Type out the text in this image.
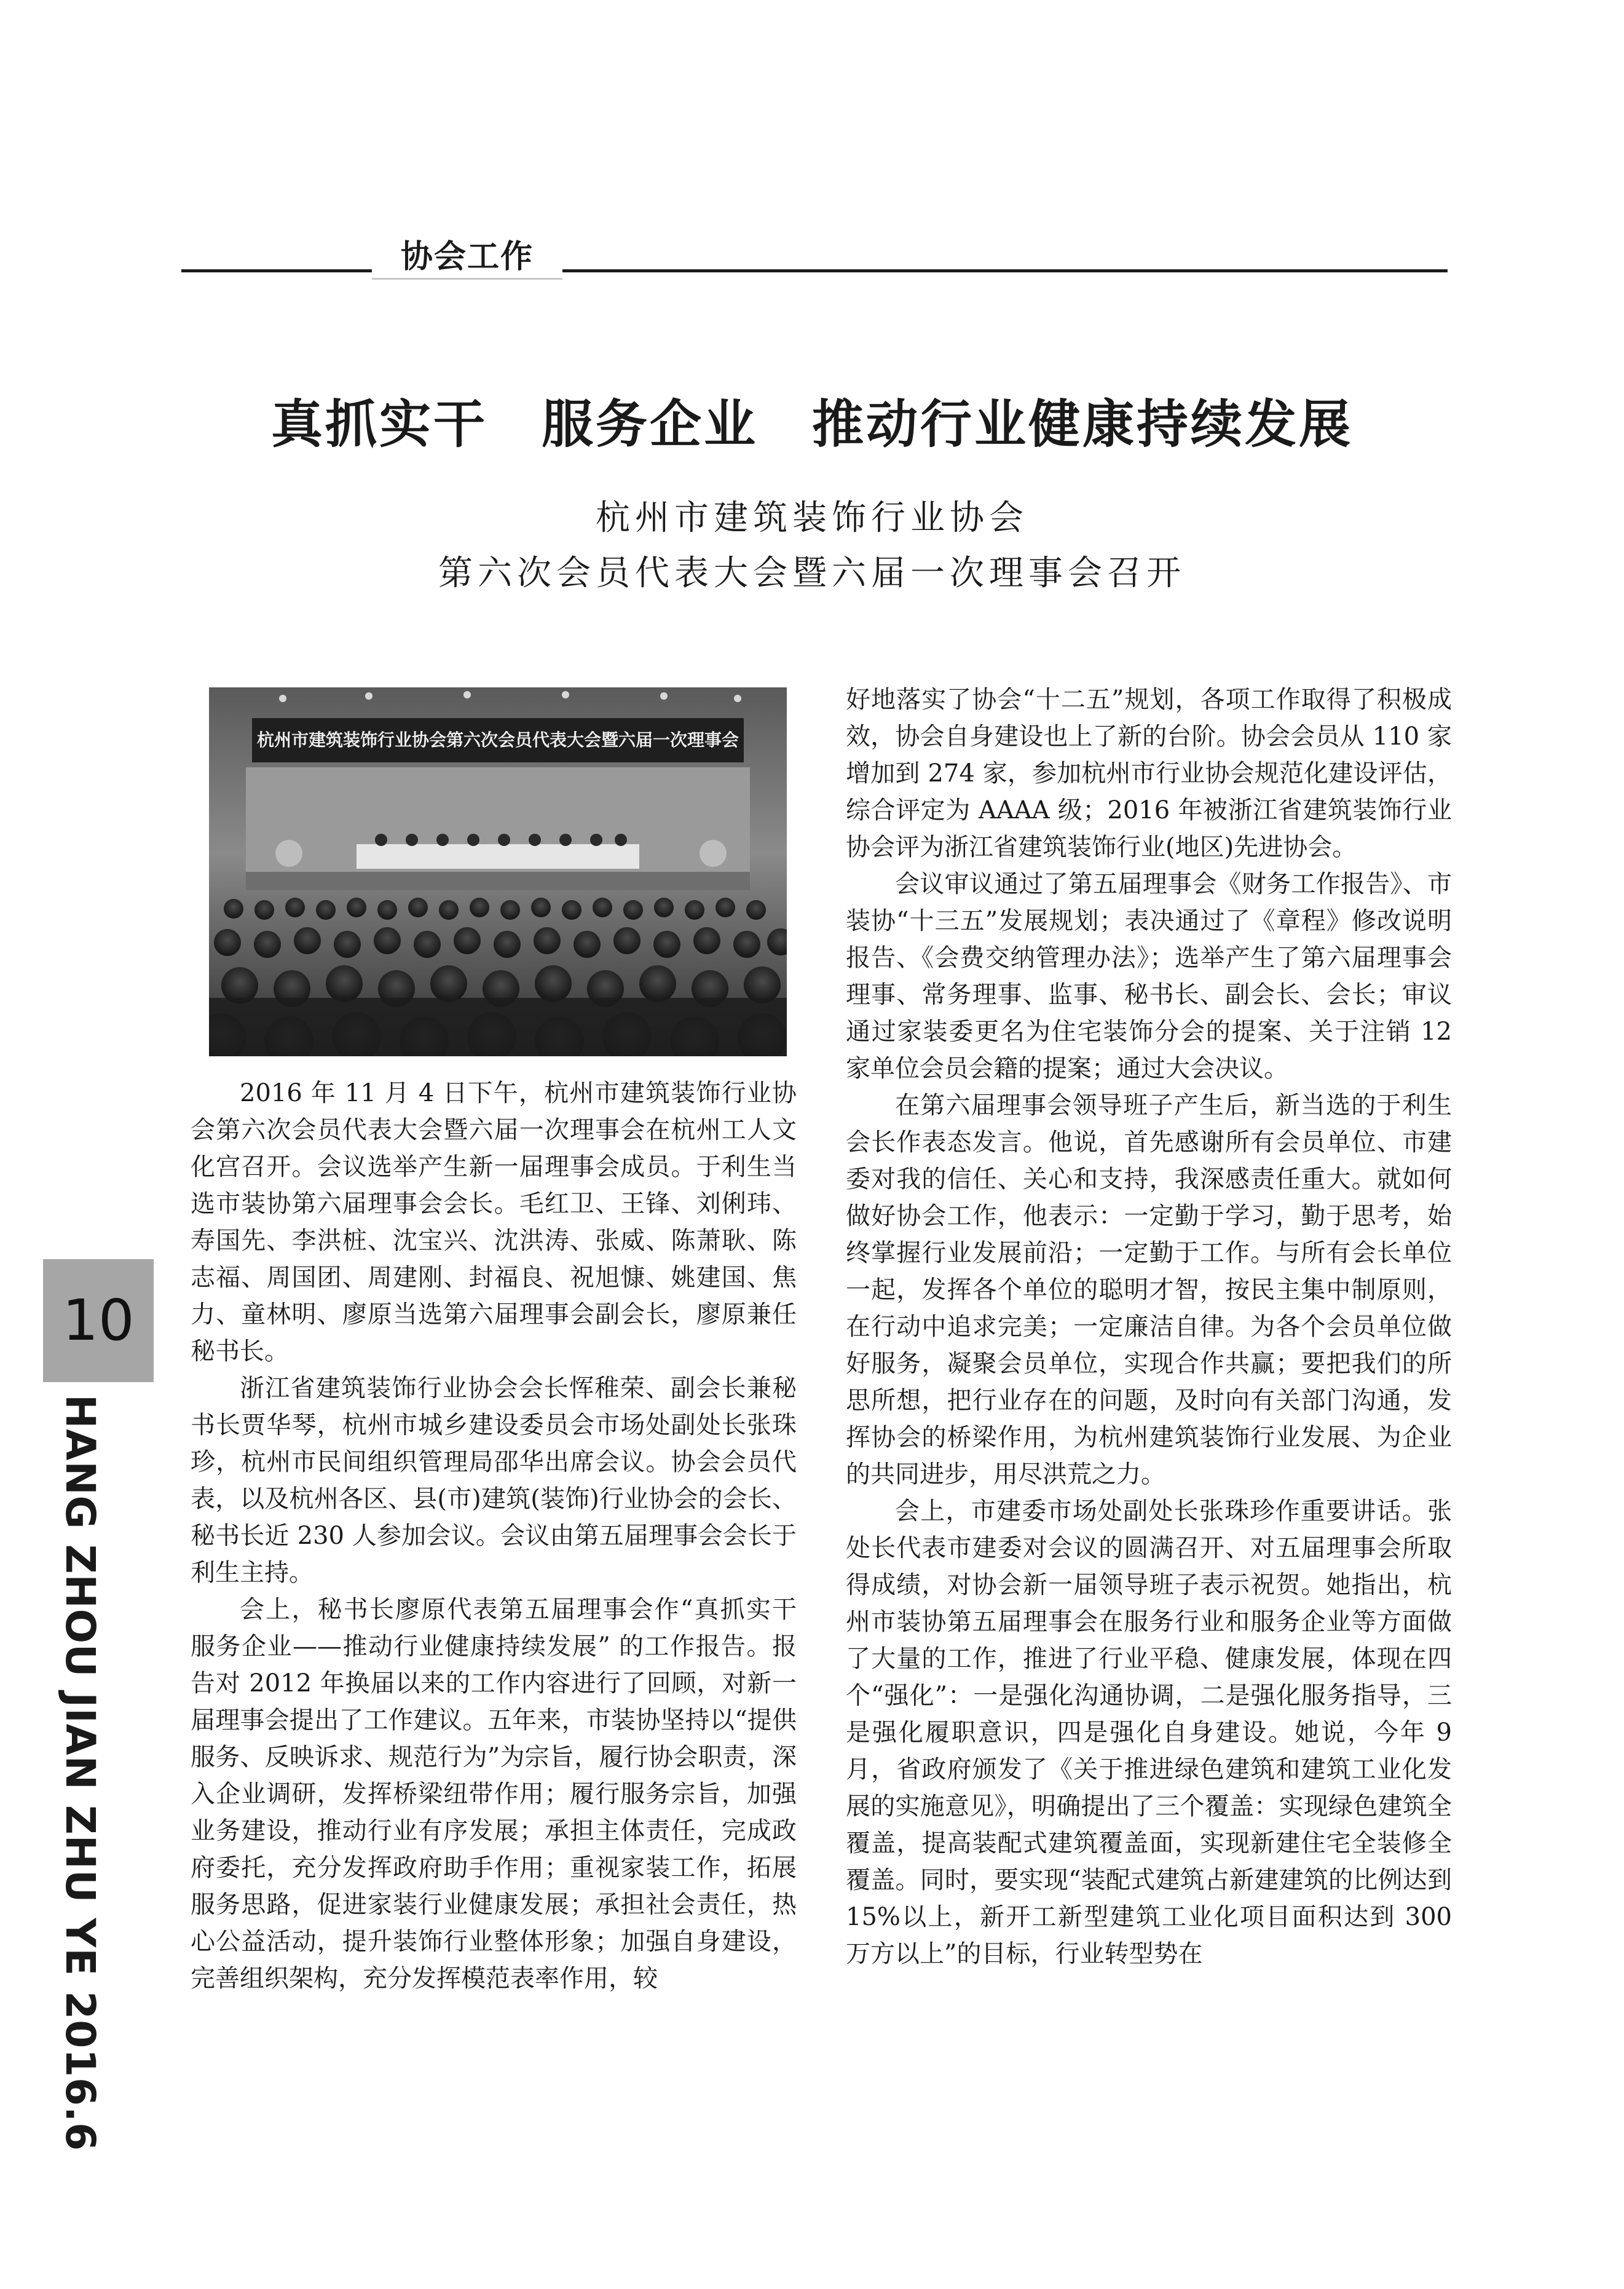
协会工作
真抓实干　服务企业　推动行业健康持续发展
杭州市建筑装饰行业协会
第六次会员代表大会暨六届一次理事会召开
杭州市建筑装饰行业协会第六次会员代表大会暨六届一次理事会

2016 年 11 月 4 日下午，杭州市建筑装饰行业协会第六次会员代表大会暨六届一次理事会在杭州工人文化宫召开。会议选举产生新一届理事会成员。于利生当选市装协第六届理事会会长。毛红卫、王锋、刘俐玮、寿国先、李洪桩、沈宝兴、沈洪涛、张威、陈萧耿、陈志福、周国团、周建刚、封福良、祝旭慷、姚建国、焦力、童林明、廖原当选第六届理事会副会长，廖原兼任秘书长。

浙江省建筑装饰行业协会会长恽稚荣、副会长兼秘书长贾华琴，杭州市城乡建设委员会市场处副处长张珠珍，杭州市民间组织管理局邵华出席会议。协会会员代表，以及杭州各区、县(市)建筑(装饰)行业协会的会长、秘书长近 230 人参加会议。会议由第五届理事会会长于利生主持。

会上，秘书长廖原代表第五届理事会作“真抓实干 服务企业——推动行业健康持续发展” 的工作报告。报告对 2012 年换届以来的工作内容进行了回顾，对新一届理事会提出了工作建议。五年来，市装协坚持以“提供服务、反映诉求、规范行为”为宗旨，履行协会职责，深入企业调研，发挥桥梁纽带作用；履行服务宗旨，加强业务建设，推动行业有序发展；承担主体责任，完成政府委托，充分发挥政府助手作用；重视家装工作，拓展服务思路，促进家装行业健康发展；承担社会责任，热心公益活动，提升装饰行业整体形象；加强自身建设，完善组织架构，充分发挥模范表率作用，较

好地落实了协会“十二五”规划，各项工作取得了积极成效，协会自身建设也上了新的台阶。协会会员从 110 家增加到 274 家，参加杭州市行业协会规范化建设评估，综合评定为 AAAA 级；2016 年被浙江省建筑装饰行业协会评为浙江省建筑装饰行业(地区)先进协会。

会议审议通过了第五届理事会《财务工作报告》、市装协“十三五”发展规划；表决通过了《章程》修改说明报告、《会费交纳管理办法》；选举产生了第六届理事会理事、常务理事、监事、秘书长、副会长、会长；审议通过家装委更名为住宅装饰分会的提案、关于注销 12 家单位会员会籍的提案；通过大会决议。

在第六届理事会领导班子产生后，新当选的于利生会长作表态发言。他说，首先感谢所有会员单位、市建委对我的信任、关心和支持，我深感责任重大。就如何做好协会工作，他表示：一定勤于学习，勤于思考，始终掌握行业发展前沿；一定勤于工作。与所有会长单位一起，发挥各个单位的聪明才智，按民主集中制原则，在行动中追求完美；一定廉洁自律。为各个会员单位做好服务，凝聚会员单位，实现合作共赢；要把我们的所思所想，把行业存在的问题，及时向有关部门沟通，发挥协会的桥梁作用，为杭州建筑装饰行业发展、为企业的共同进步，用尽洪荒之力。

会上，市建委市场处副处长张珠珍作重要讲话。张处长代表市建委对会议的圆满召开、对五届理事会所取得成绩，对协会新一届领导班子表示祝贺。她指出，杭州市装协第五届理事会在服务行业和服务企业等方面做了大量的工作，推进了行业平稳、健康发展，体现在四个“强化”：一是强化沟通协调，二是强化服务指导，三是强化履职意识，四是强化自身建设。她说，今年 9 月，省政府颁发了《关于推进绿色建筑和建筑工业化发展的实施意见》，明确提出了三个覆盖：实现绿色建筑全覆盖，提高装配式建筑覆盖面，实现新建住宅全装修全覆盖。同时，要实现“装配式建筑占新建建筑的比例达到 15%以上，新开工新型建筑工业化项目面积达到 300 万方以上”的目标，行业转型势在

10
HANG ZHOU JIAN ZHU YE 2016.6
